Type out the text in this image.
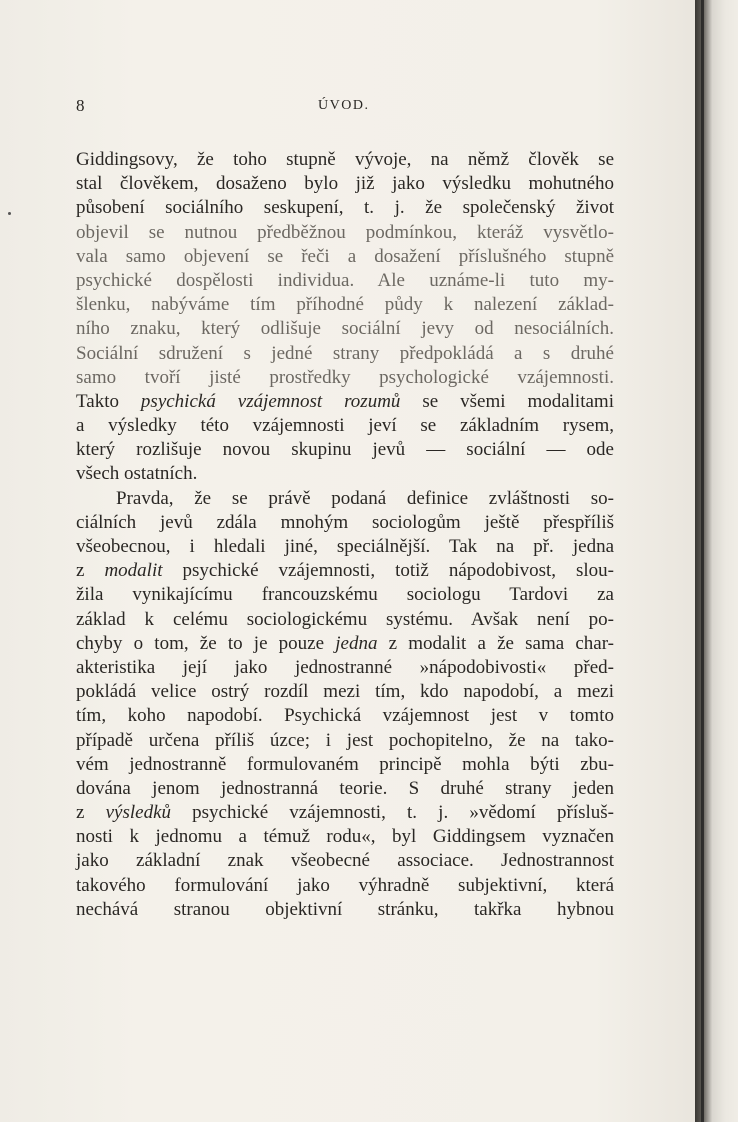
8	ÚVOD.
Giddingsovy, že toho stupně vývoje, na němž člověk se
stal člověkem, dosaženo bylo již jako výsledku mohutného
působení sociálního seskupení, t. j. že společenský život
objevil se nutnou předběžnou podmínkou, kteráž vysvětlo-
vala samo objevení se řeči a dosažení příslušného stupně
psychické dospělosti individua. Ale uznáme-li tuto my-
šlenku, nabýváme tím příhodné půdy k nalezení základ-
ního znaku, který odlišuje sociální jevy od nesociálních.
Sociální sdružení s jedné strany předpokládá a s druhé
samo tvoří jisté prostředky psychologické vzájemnosti.
Takto psychická vzájemnost rozumů se všemi modalitami
a výsledky této vzájemnosti jeví se základním rysem,
který rozlišuje novou skupinu jevů — sociální — ode
všech ostatních.
Pravda, že se právě podaná definice zvláštnosti so-
ciálních jevů zdála mnohým sociologům ještě přespříliš
všeobecnou, i hledali jiné, speciálnější. Tak na př. jedna
z modalit psychické vzájemnosti, totiž nápodobivost, slou-
žila vynikajícímu francouzskému sociologu Tardovi za
základ k celému sociologickému systému. Avšak není po-
chyby o tom, že to je pouze jedna z modalit a že sama char-
akteristika její jako jednostranné »nápodobivosti« před-
pokládá velice ostrý rozdíl mezi tím, kdo napodobí, a mezi
tím, koho napodobí. Psychická vzájemnost jest v tomto
případě určena příliš úzce; i jest pochopitelno, že na tako-
vém jednostranně formulovaném principě mohla býti zbu-
dována jenom jednostranná teorie. S druhé strany jeden
z výsledků psychické vzájemnosti, t. j. »vědomí přísluš-
nosti k jednomu a témuž rodu«, byl Giddingsem vyznačen
jako základní znak všeobecné associace. Jednostrannost
takového formulování jako výhradně subjektivní, která
nechává stranou objektivní stránku, takřka hybnou
